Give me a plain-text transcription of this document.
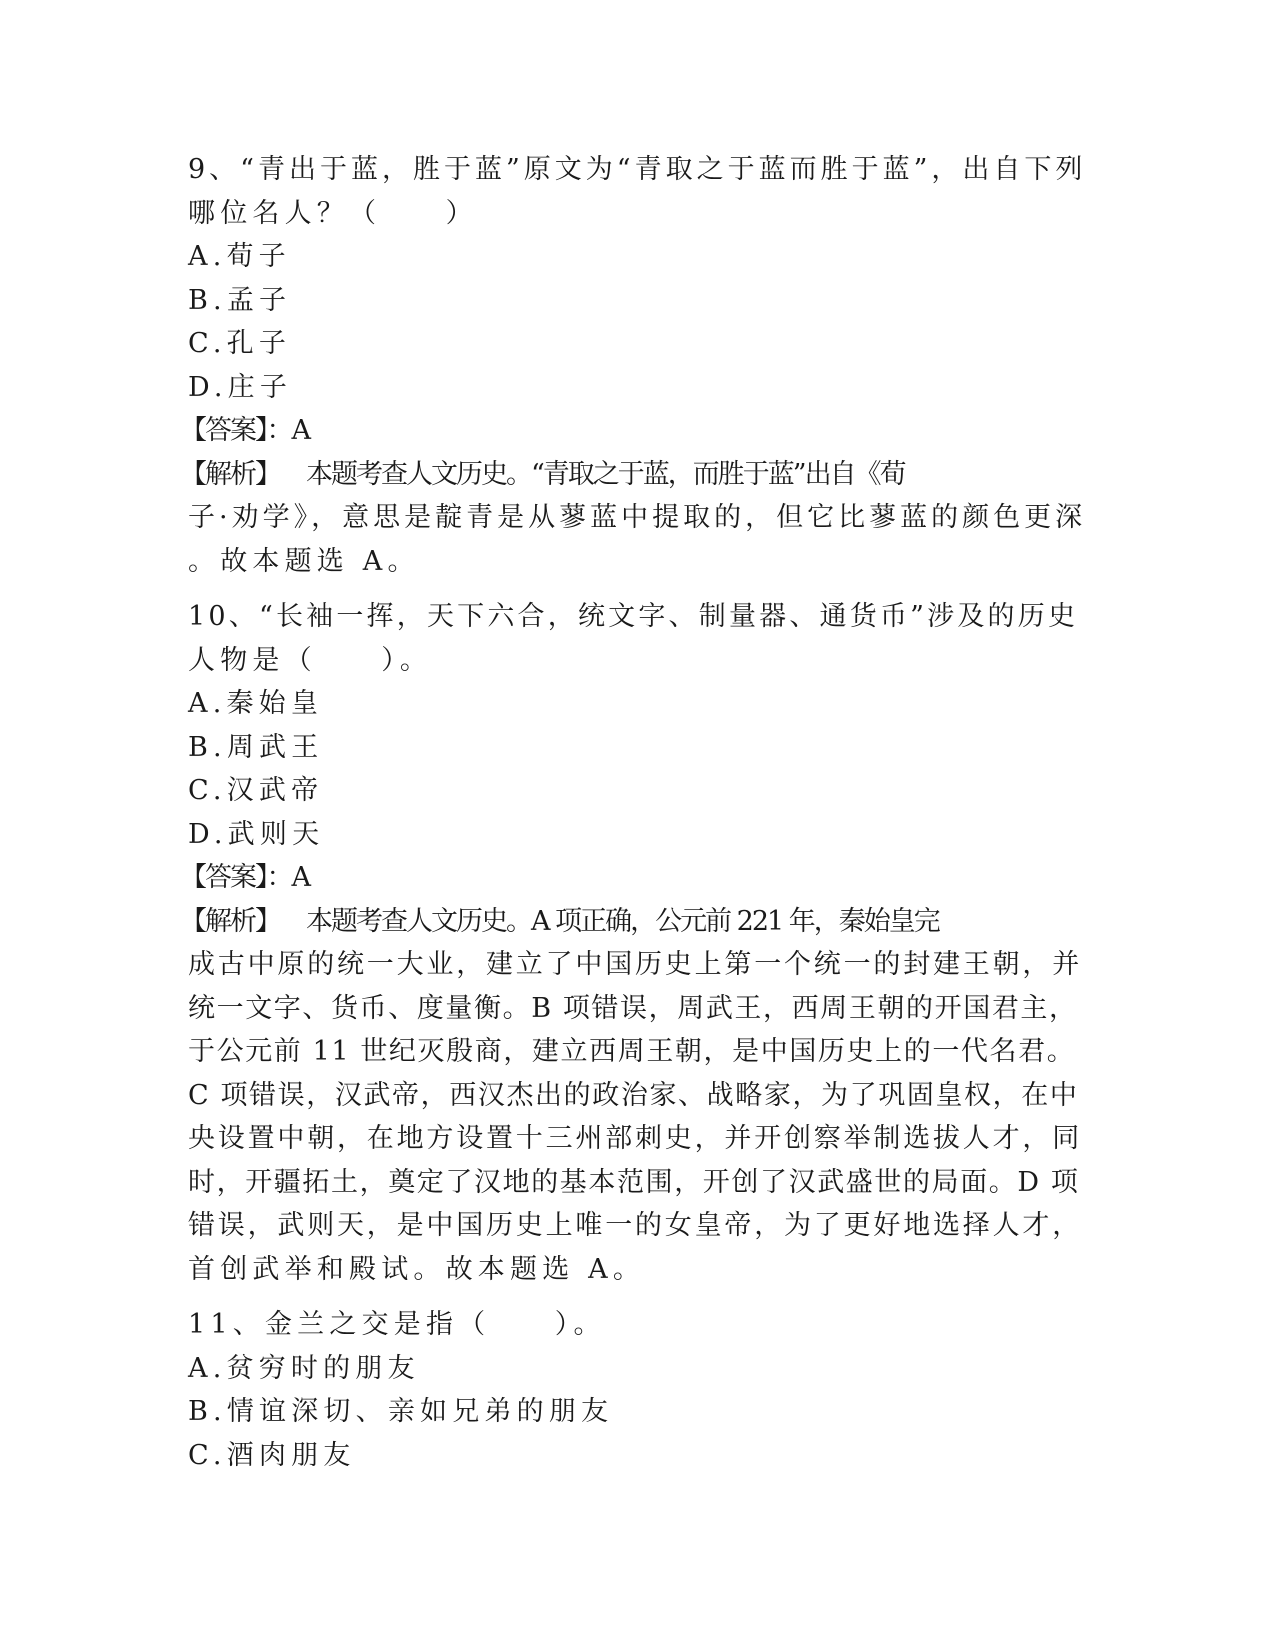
9、“青出于蓝，胜于蓝”原文为“青取之于蓝而胜于蓝”，出自下列
哪位名人？（　　）
A.荀子
B.孟子
C.孔子
D.庄子
【答案】：A
【解析】 本题考查人文历史。“青取之于蓝，而胜于蓝”出自《荀
子·劝学》，意思是靛青是从蓼蓝中提取的，但它比蓼蓝的颜色更深
。故本题选 A。
10、“长袖一挥，天下六合，统文字、制量器、通货币”涉及的历史
人物是（　　）。
A.秦始皇
B.周武王
C.汉武帝
D.武则天
【答案】：A
【解析】 本题考查人文历史。A 项正确，公元前 221 年，秦始皇完
成古中原的统一大业，建立了中国历史上第一个统一的封建王朝，并
统一文字、货币、度量衡。B 项错误，周武王，西周王朝的开国君主，
于公元前 11 世纪灭殷商，建立西周王朝，是中国历史上的一代名君。
C 项错误，汉武帝，西汉杰出的政治家、战略家，为了巩固皇权，在中
央设置中朝，在地方设置十三州部刺史，并开创察举制选拔人才，同
时，开疆拓土，奠定了汉地的基本范围，开创了汉武盛世的局面。D 项
错误，武则天，是中国历史上唯一的女皇帝，为了更好地选择人才，
首创武举和殿试。故本题选 A。
11、金兰之交是指（　　）。
A.贫穷时的朋友
B.情谊深切、亲如兄弟的朋友
C.酒肉朋友
